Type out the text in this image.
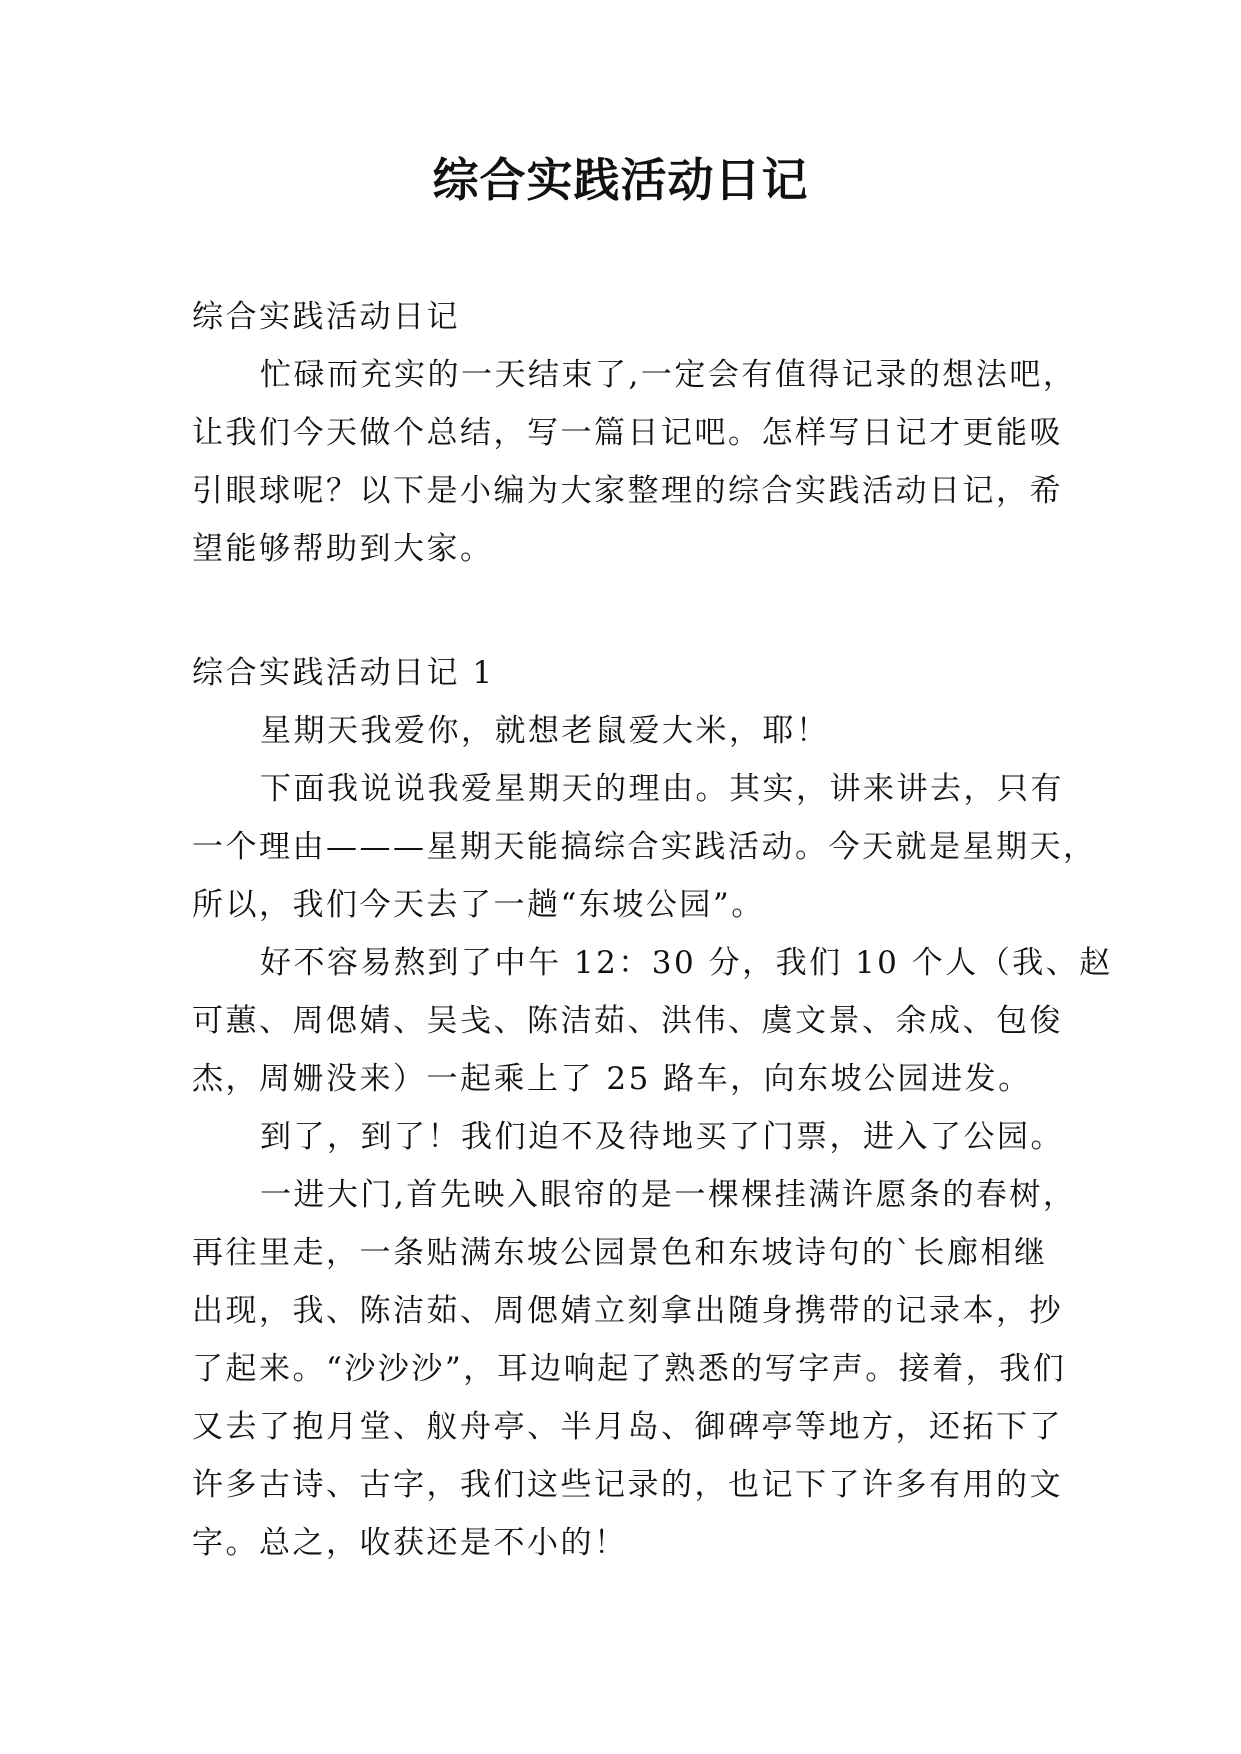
综合实践活动日记

综合实践活动日记

忙碌而充实的一天结束了,一定会有值得记录的想法吧，

让我们今天做个总结，写一篇日记吧。怎样写日记才更能吸

引眼球呢？以下是小编为大家整理的综合实践活动日记，希

望能够帮助到大家。

综合实践活动日记 1

星期天我爱你，就想老鼠爱大米，耶！

下面我说说我爱星期天的理由。其实，讲来讲去，只有

一个理由———星期天能搞综合实践活动。今天就是星期天，

所以，我们今天去了一趟“东坡公园”。

好不容易熬到了中午 12：30 分，我们 10 个人（我、赵

可蕙、周偲婧、吴戋、陈洁茹、洪伟、虞文景、余成、包俊

杰，周姗没来）一起乘上了 25 路车，向东坡公园进发。

到了，到了！我们迫不及待地买了门票，进入了公园。

一进大门,首先映入眼帘的是一棵棵挂满许愿条的春树，

再往里走，一条贴满东坡公园景色和东坡诗句的`长廊相继

出现，我、陈洁茹、周偲婧立刻拿出随身携带的记录本，抄

了起来。“沙沙沙”，耳边响起了熟悉的写字声。接着，我们

又去了抱月堂、舣舟亭、半月岛、御碑亭等地方，还拓下了

许多古诗、古字，我们这些记录的，也记下了许多有用的文

字。总之，收获还是不小的！
